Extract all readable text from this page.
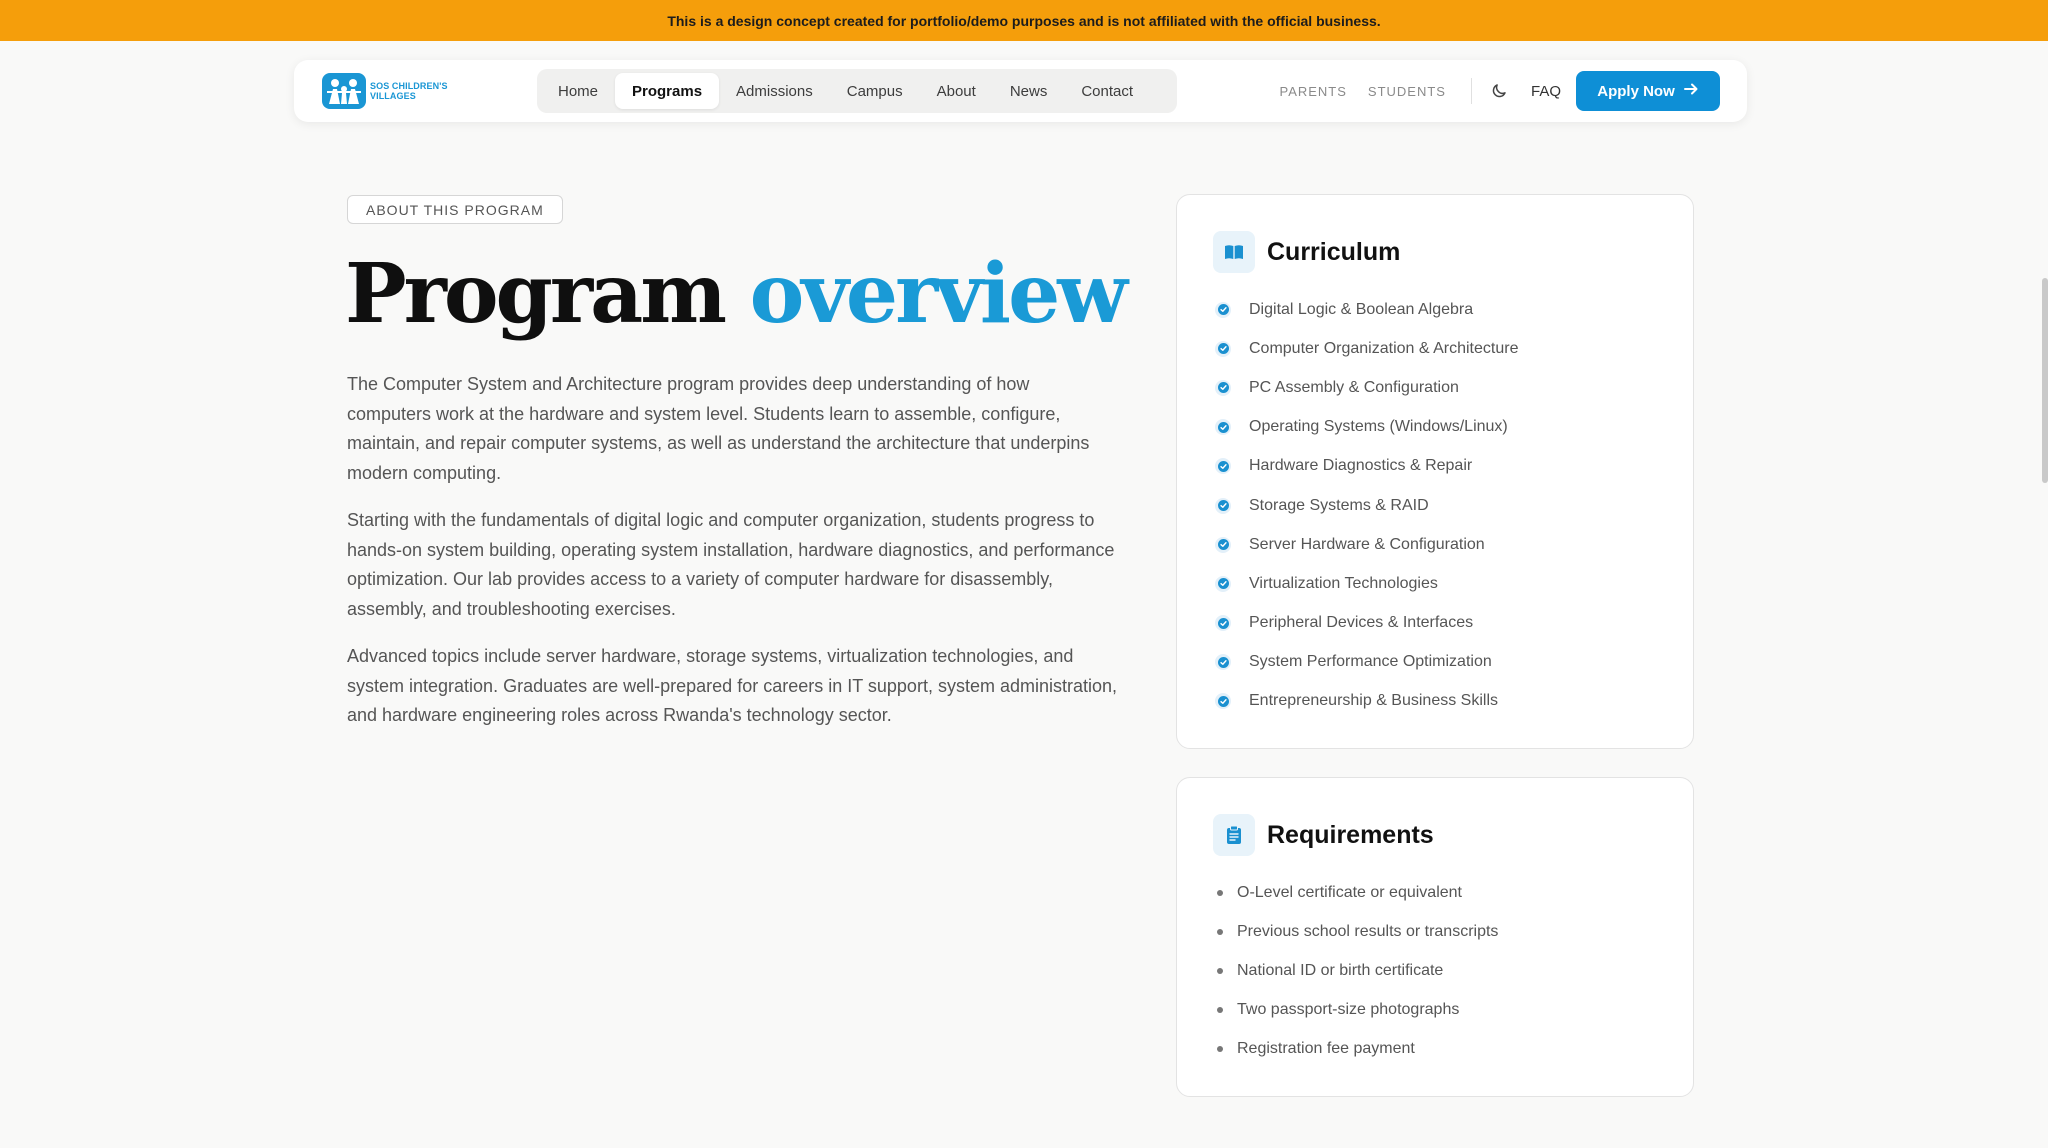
This is a design concept created for portfolio/demo purposes and is not affiliated with the official business.
SOS CHILDREN'S
VILLAGES	Home	Programs	Admissions	Campus	About	News	Contact	PARENTS STUDENTS	FAQ Apply Now
ABOUT THIS PROGRAM
Program overview

The Computer System and Architecture program provides deep understanding of how computers work at the hardware and system level. Students learn to assemble, configure, maintain, and repair computer systems, as well as understand the architecture that underpins modern computing.

Starting with the fundamentals of digital logic and computer organization, students progress to hands-on system building, operating system installation, hardware diagnostics, and performance optimization. Our lab provides access to a variety of computer hardware for disassembly, assembly, and troubleshooting exercises.

Advanced topics include server hardware, storage systems, virtualization technologies, and system integration. Graduates are well-prepared for careers in IT support, system administration, and hardware engineering roles across Rwanda's technology sector.

Curriculum
Digital Logic & Boolean Algebra
Computer Organization & Architecture
PC Assembly & Configuration
Operating Systems (Windows/Linux)
Hardware Diagnostics & Repair
Storage Systems & RAID
Server Hardware & Configuration
Virtualization Technologies
Peripheral Devices & Interfaces
System Performance Optimization
Entrepreneurship & Business Skills
Requirements
O-Level certificate or equivalent
Previous school results or transcripts
National ID or birth certificate
Two passport-size photographs
Registration fee payment
